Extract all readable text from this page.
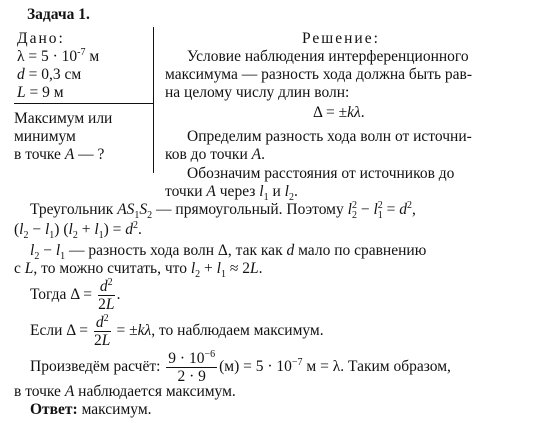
Задача 1.
Дано:
$\lambda = 5 \cdot 10^{-7}$ м
d = 0,3 см
L = 9 м
Максимум или
минимум
в точке A — ?
Решение:
Условие наблюдения интерференционного
максимума — разность хода должна быть рав-
на целому числу длин волн:
Δ = ±kλ.
Определим разность хода волн от источни-
ков до точки A.
Обозначим расстояния от источников до
точки A через $l_1$ и $l_2$.
Треугольник $AS_1S_2$ — прямоугольный. Поэтому $l_2^2 - l_1^2 = d^2$,
$(l_2 - l_1) (l_2 + l_1) = d^2$.
$l_2 - l_1$ — разность хода волн Δ, так как d мало по сравнению
с L, то можно считать, что $l_2 + l_1 \approx 2L$.
Тогда $\Delta = \frac{d^2}{2L}$ .
Если $\Delta = \frac{d^2}{2L} = \pm k\lambda$, то наблюдаем максимум.
Произведём расчёт: $\frac{9 \cdot 10^{-6}}{2 \cdot 9} (м) = 5 \cdot 10^{-7}$ м = λ. Таким образом,
в точке A наблюдается максимум.
Ответ: максимум.
